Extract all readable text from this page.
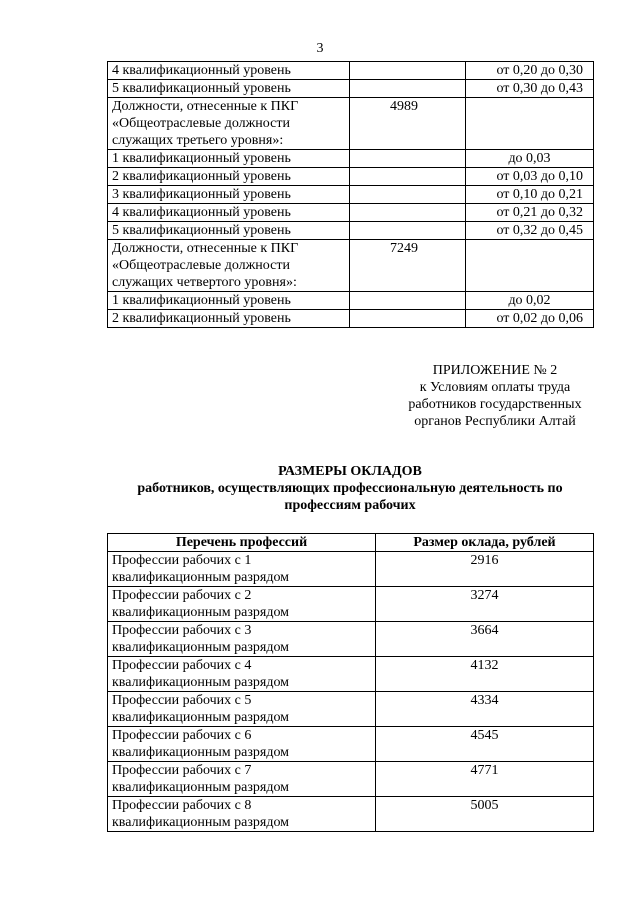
3
4 квалификационный уровень		от 0,20 до 0,30
5 квалификационный уровень		от 0,30 до 0,43
Должности, отнесенные к ПКГ «Общеотраслевые должности служащих третьего уровня»:	4989	
1 квалификационный уровень		до 0,03
2 квалификационный уровень		от 0,03 до 0,10
3 квалификационный уровень		от 0,10 до 0,21
4 квалификационный уровень		от 0,21 до 0,32
5 квалификационный уровень		от 0,32 до 0,45
Должности, отнесенные к ПКГ «Общеотраслевые должности служащих четвертого уровня»:	7249	
1 квалификационный уровень		до 0,02
2 квалификационный уровень		от 0,02 до 0,06
ПРИЛОЖЕНИЕ № 2
к Условиям оплаты труда
работников государственных
органов Республики Алтай
РАЗМЕРЫ ОКЛАДОВ
работников, осуществляющих профессиональную деятельность по
профессиям рабочих
Перечень профессий	Размер оклада, рублей
Профессии рабочих с 1 квалификационным разрядом	2916
Профессии рабочих с 2 квалификационным разрядом	3274
Профессии рабочих с 3 квалификационным разрядом	3664
Профессии рабочих с 4 квалификационным разрядом	4132
Профессии рабочих с 5 квалификационным разрядом	4334
Профессии рабочих с 6 квалификационным разрядом	4545
Профессии рабочих с 7 квалификационным разрядом	4771
Профессии рабочих с 8 квалификационным разрядом	5005
